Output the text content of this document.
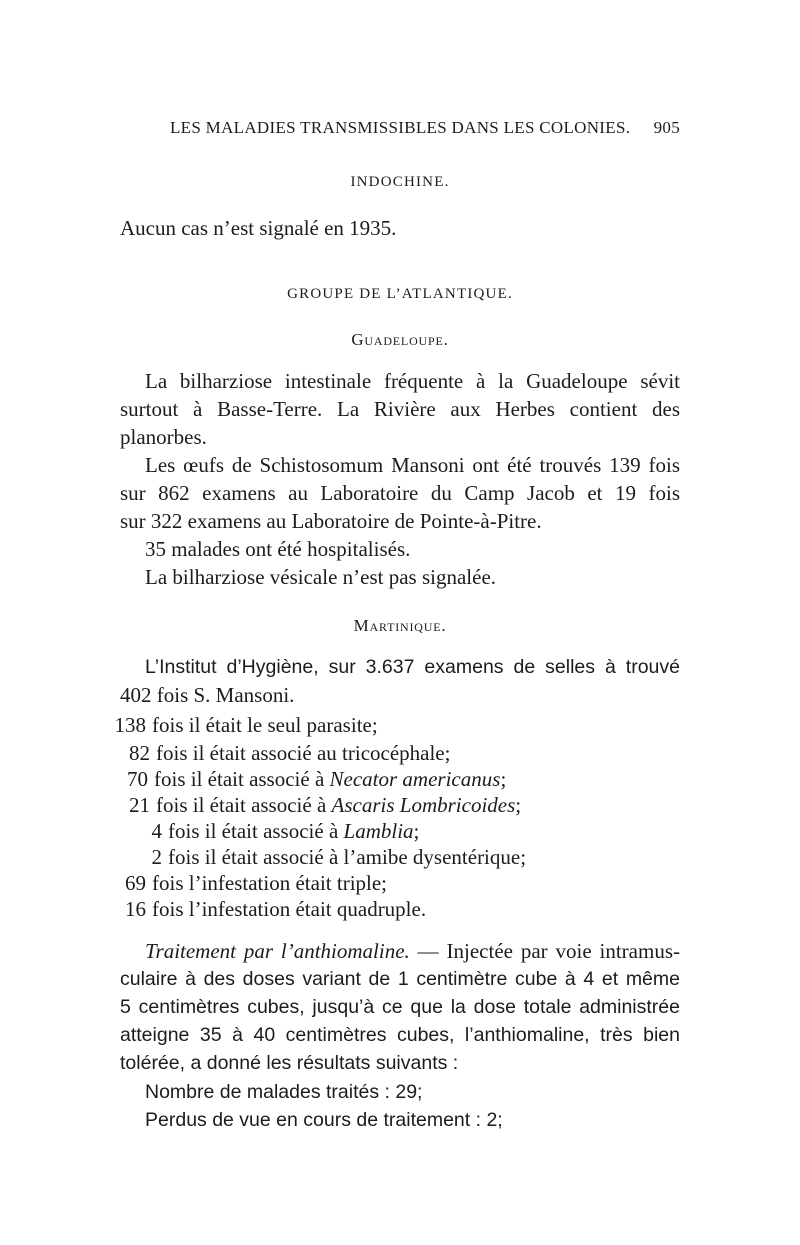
LES MALADIES TRANSMISSIBLES DANS LES COLONIES. 905
INDOCHINE.
Aucun cas n’est signalé en 1935.
GROUPE DE L’ATLANTIQUE.
Guadeloupe.
La bilharziose intestinale fréquente à la Guadeloupe sévit
surtout à Basse-Terre. La Rivière aux Herbes contient des
planorbes.
Les œufs de Schistosomum Mansoni ont été trouvés 139 fois
sur 862 examens au Laboratoire du Camp Jacob et 19 fois
sur 322 examens au Laboratoire de Pointe-à-Pitre.
35 malades ont été hospitalisés.
La bilharziose vésicale n’est pas signalée.
Martinique.
L’Institut d’Hygiène, sur 3.637 examens de selles à trouvé
402 fois S. Mansoni.
138 fois il était le seul parasite;
82 fois il était associé au tricocéphale;
70 fois il était associé à Necator americanus;
21 fois il était associé à Ascaris Lombricoides;
4 fois il était associé à Lamblia;
2 fois il était associé à l’amibe dysentérique;
69 fois l’infestation était triple;
16 fois l’infestation était quadruple.
Traitement par l’anthiomaline. — Injectée par voie intramus-
culaire à des doses variant de 1 centimètre cube à 4 et même
5 centimètres cubes, jusqu’à ce que la dose totale administrée
atteigne 35 à 40 centimètres cubes, l’anthiomaline, très bien
tolérée, a donné les résultats suivants :
Nombre de malades traités : 29;
Perdus de vue en cours de traitement : 2;
